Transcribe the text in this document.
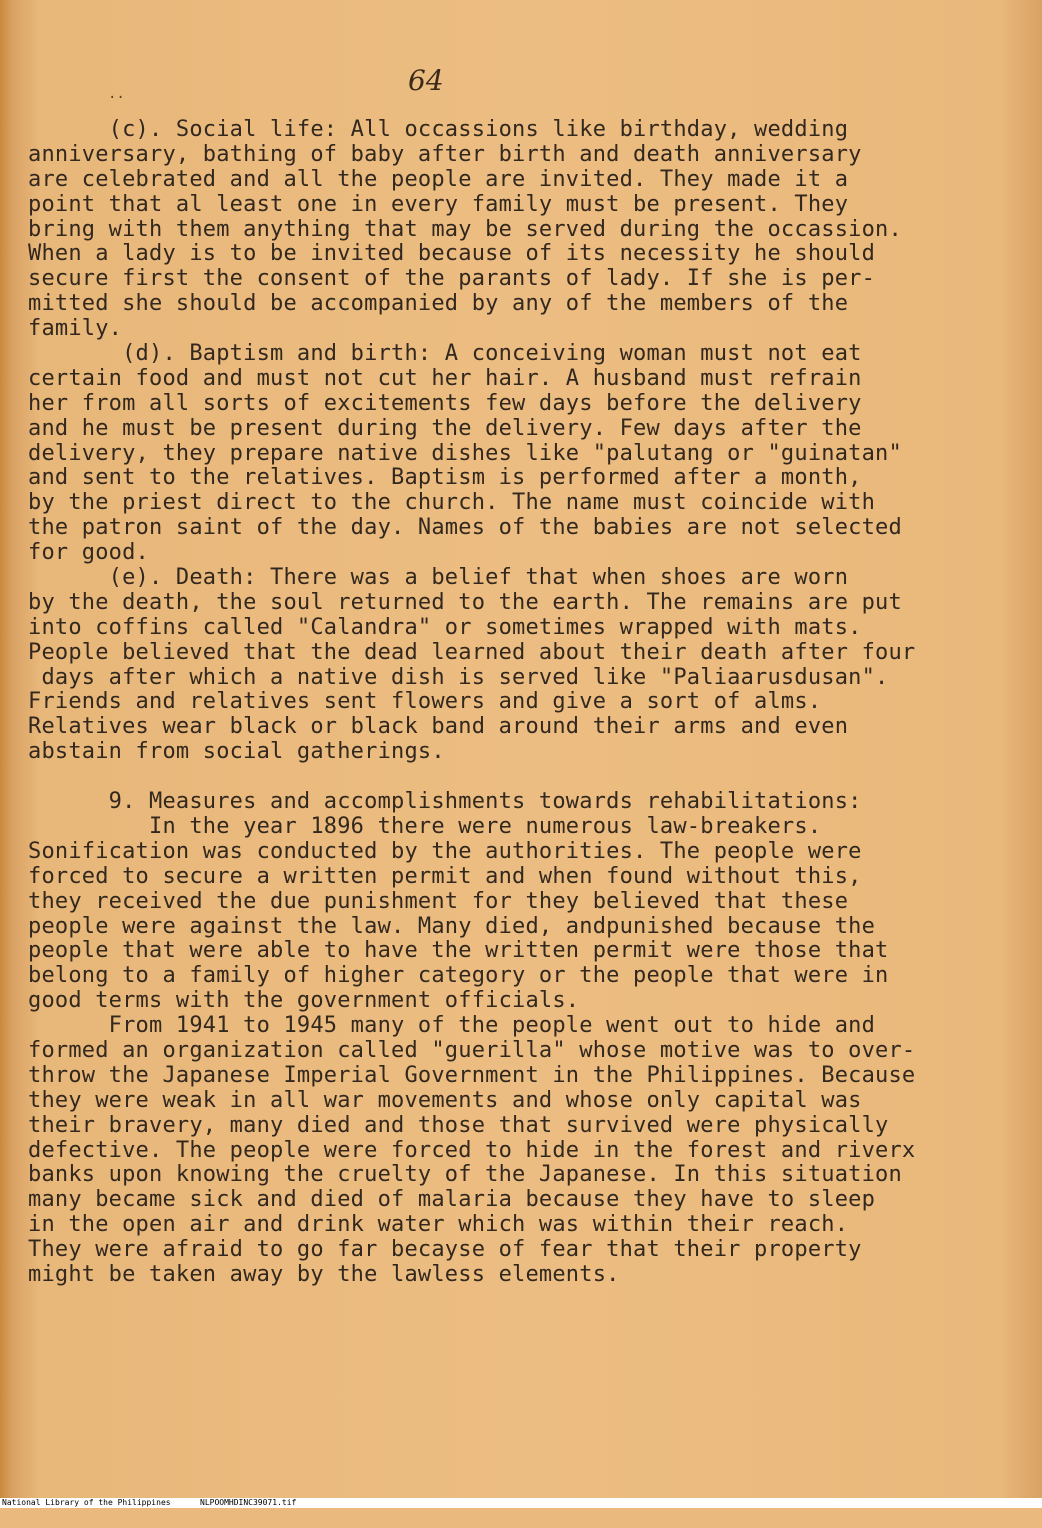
64
..
(c). Social life: All occassions like birthday, wedding
anniversary, bathing of baby after birth and death anniversary
are celebrated and all the people are invited. They made it a
point that al least one in every family must be present. They
bring with them anything that may be served during the occassion.
When a lady is to be invited because of its necessity he should
secure first the consent of the parants of lady. If she is per-
mitted she should be accompanied by any of the members of the
family.
(d). Baptism and birth: A conceiving woman must not eat
certain food and must not cut her hair. A husband must refrain
her from all sorts of excitements few days before the delivery
and he must be present during the delivery. Few days after the
delivery, they prepare native dishes like "palutang or "guinatan"
and sent to the relatives. Baptism is performed after a month,
by the priest direct to the church. The name must coincide with
the patron saint of the day. Names of the babies are not selected
for good.
(e). Death: There was a belief that when shoes are worn
by the death, the soul returned to the earth. The remains are put
into coffins called "Calandra" or sometimes wrapped with mats.
People believed that the dead learned about their death after four
days after which a native dish is served like "Paliaarusdusan".
Friends and relatives sent flowers and give a sort of alms.
Relatives wear black or black band around their arms and even
abstain from social gatherings.
9. Measures and accomplishments towards rehabilitations:
In the year 1896 there were numerous law-breakers.
Sonification was conducted by the authorities. The people were
forced to secure a written permit and when found without this,
they received the due punishment for they believed that these
people were against the law. Many died, andpunished because the
people that were able to have the written permit were those that
belong to a family of higher category or the people that were in
good terms with the government officials.
From 1941 to 1945 many of the people went out to hide and
formed an organization called "guerilla" whose motive was to over-
throw the Japanese Imperial Government in the Philippines. Because
they were weak in all war movements and whose only capital was
their bravery, many died and those that survived were physically
defective. The people were forced to hide in the forest and riverx
banks upon knowing the cruelty of the Japanese. In this situation
many became sick and died of malaria because they have to sleep
in the open air and drink water which was within their reach.
They were afraid to go far becayse of fear that their property
might be taken away by the lawless elements.

National Library of the Philippines

	NLPOOMHDINC39071.tif
